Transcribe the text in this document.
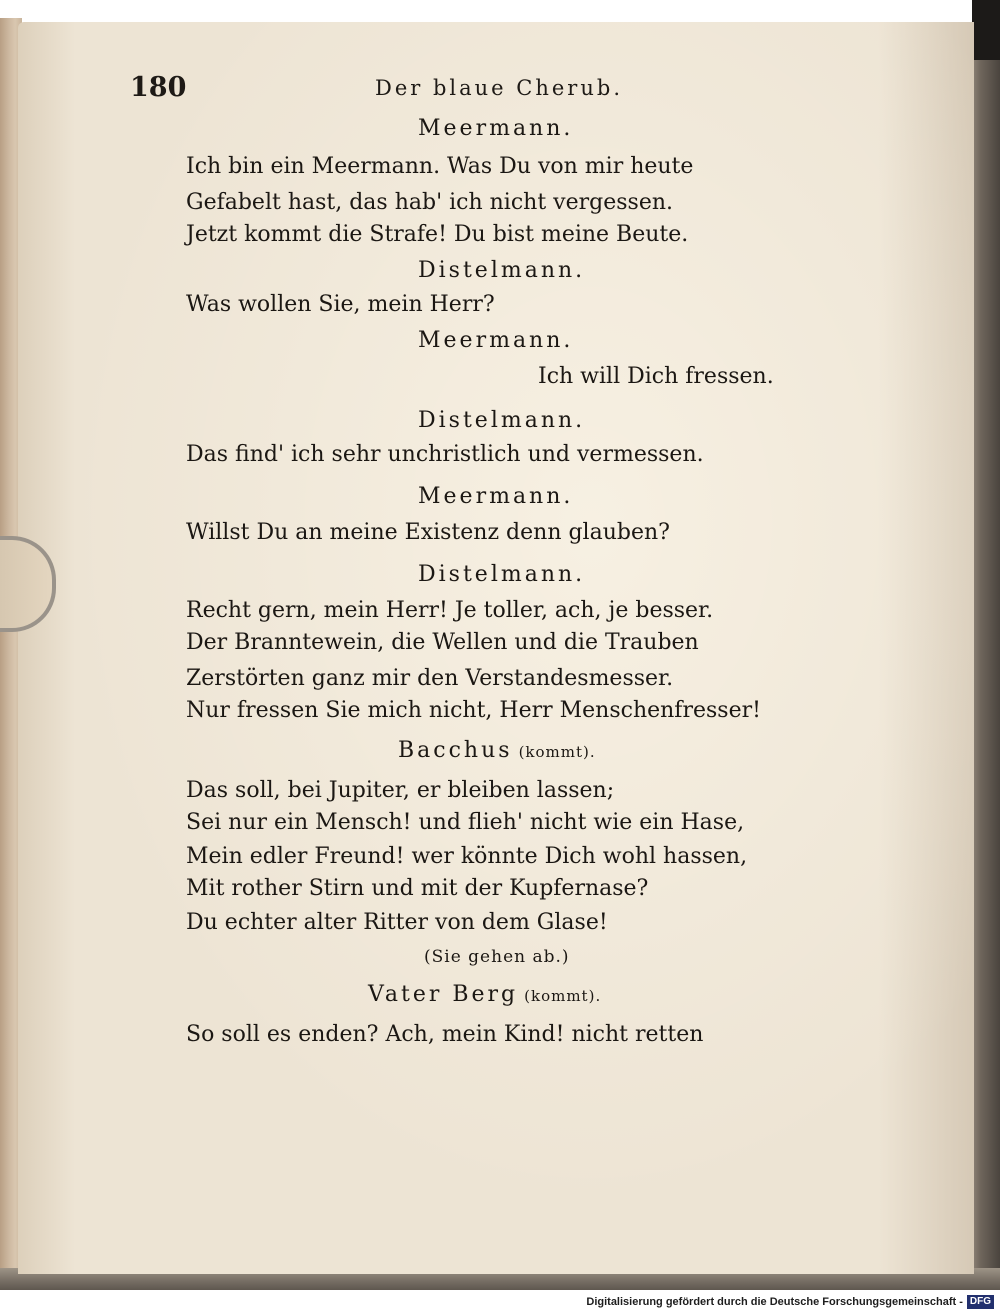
180	Der blaue Cherub.
Meermann.
Ich bin ein Meermann. Was Du von mir heute
Gefabelt hast, das hab' ich nicht vergessen.
Jetzt kommt die Strafe! Du bist meine Beute.
Distelmann.
Was wollen Sie, mein Herr?
Meermann.
Ich will Dich fressen.
Distelmann.
Das find' ich sehr unchristlich und vermessen.
Meermann.
Willst Du an meine Existenz denn glauben?
Distelmann.
Recht gern, mein Herr! Je toller, ach, je besser.
Der Branntewein, die Wellen und die Trauben
Zerstörten ganz mir den Verstandesmesser.
Nur fressen Sie mich nicht, Herr Menschenfresser!
Bacchus (kommt).
Das soll, bei Jupiter, er bleiben lassen;
Sei nur ein Mensch! und flieh' nicht wie ein Hase,
Mein edler Freund! wer könnte Dich wohl hassen,
Mit rother Stirn und mit der Kupfernase?
Du echter alter Ritter von dem Glase!
(Sie gehen ab.)
Vater Berg (kommt).
So soll es enden? Ach, mein Kind! nicht retten
Digitalisierung gefördert durch die Deutsche Forschungsgemeinschaft - DFG
